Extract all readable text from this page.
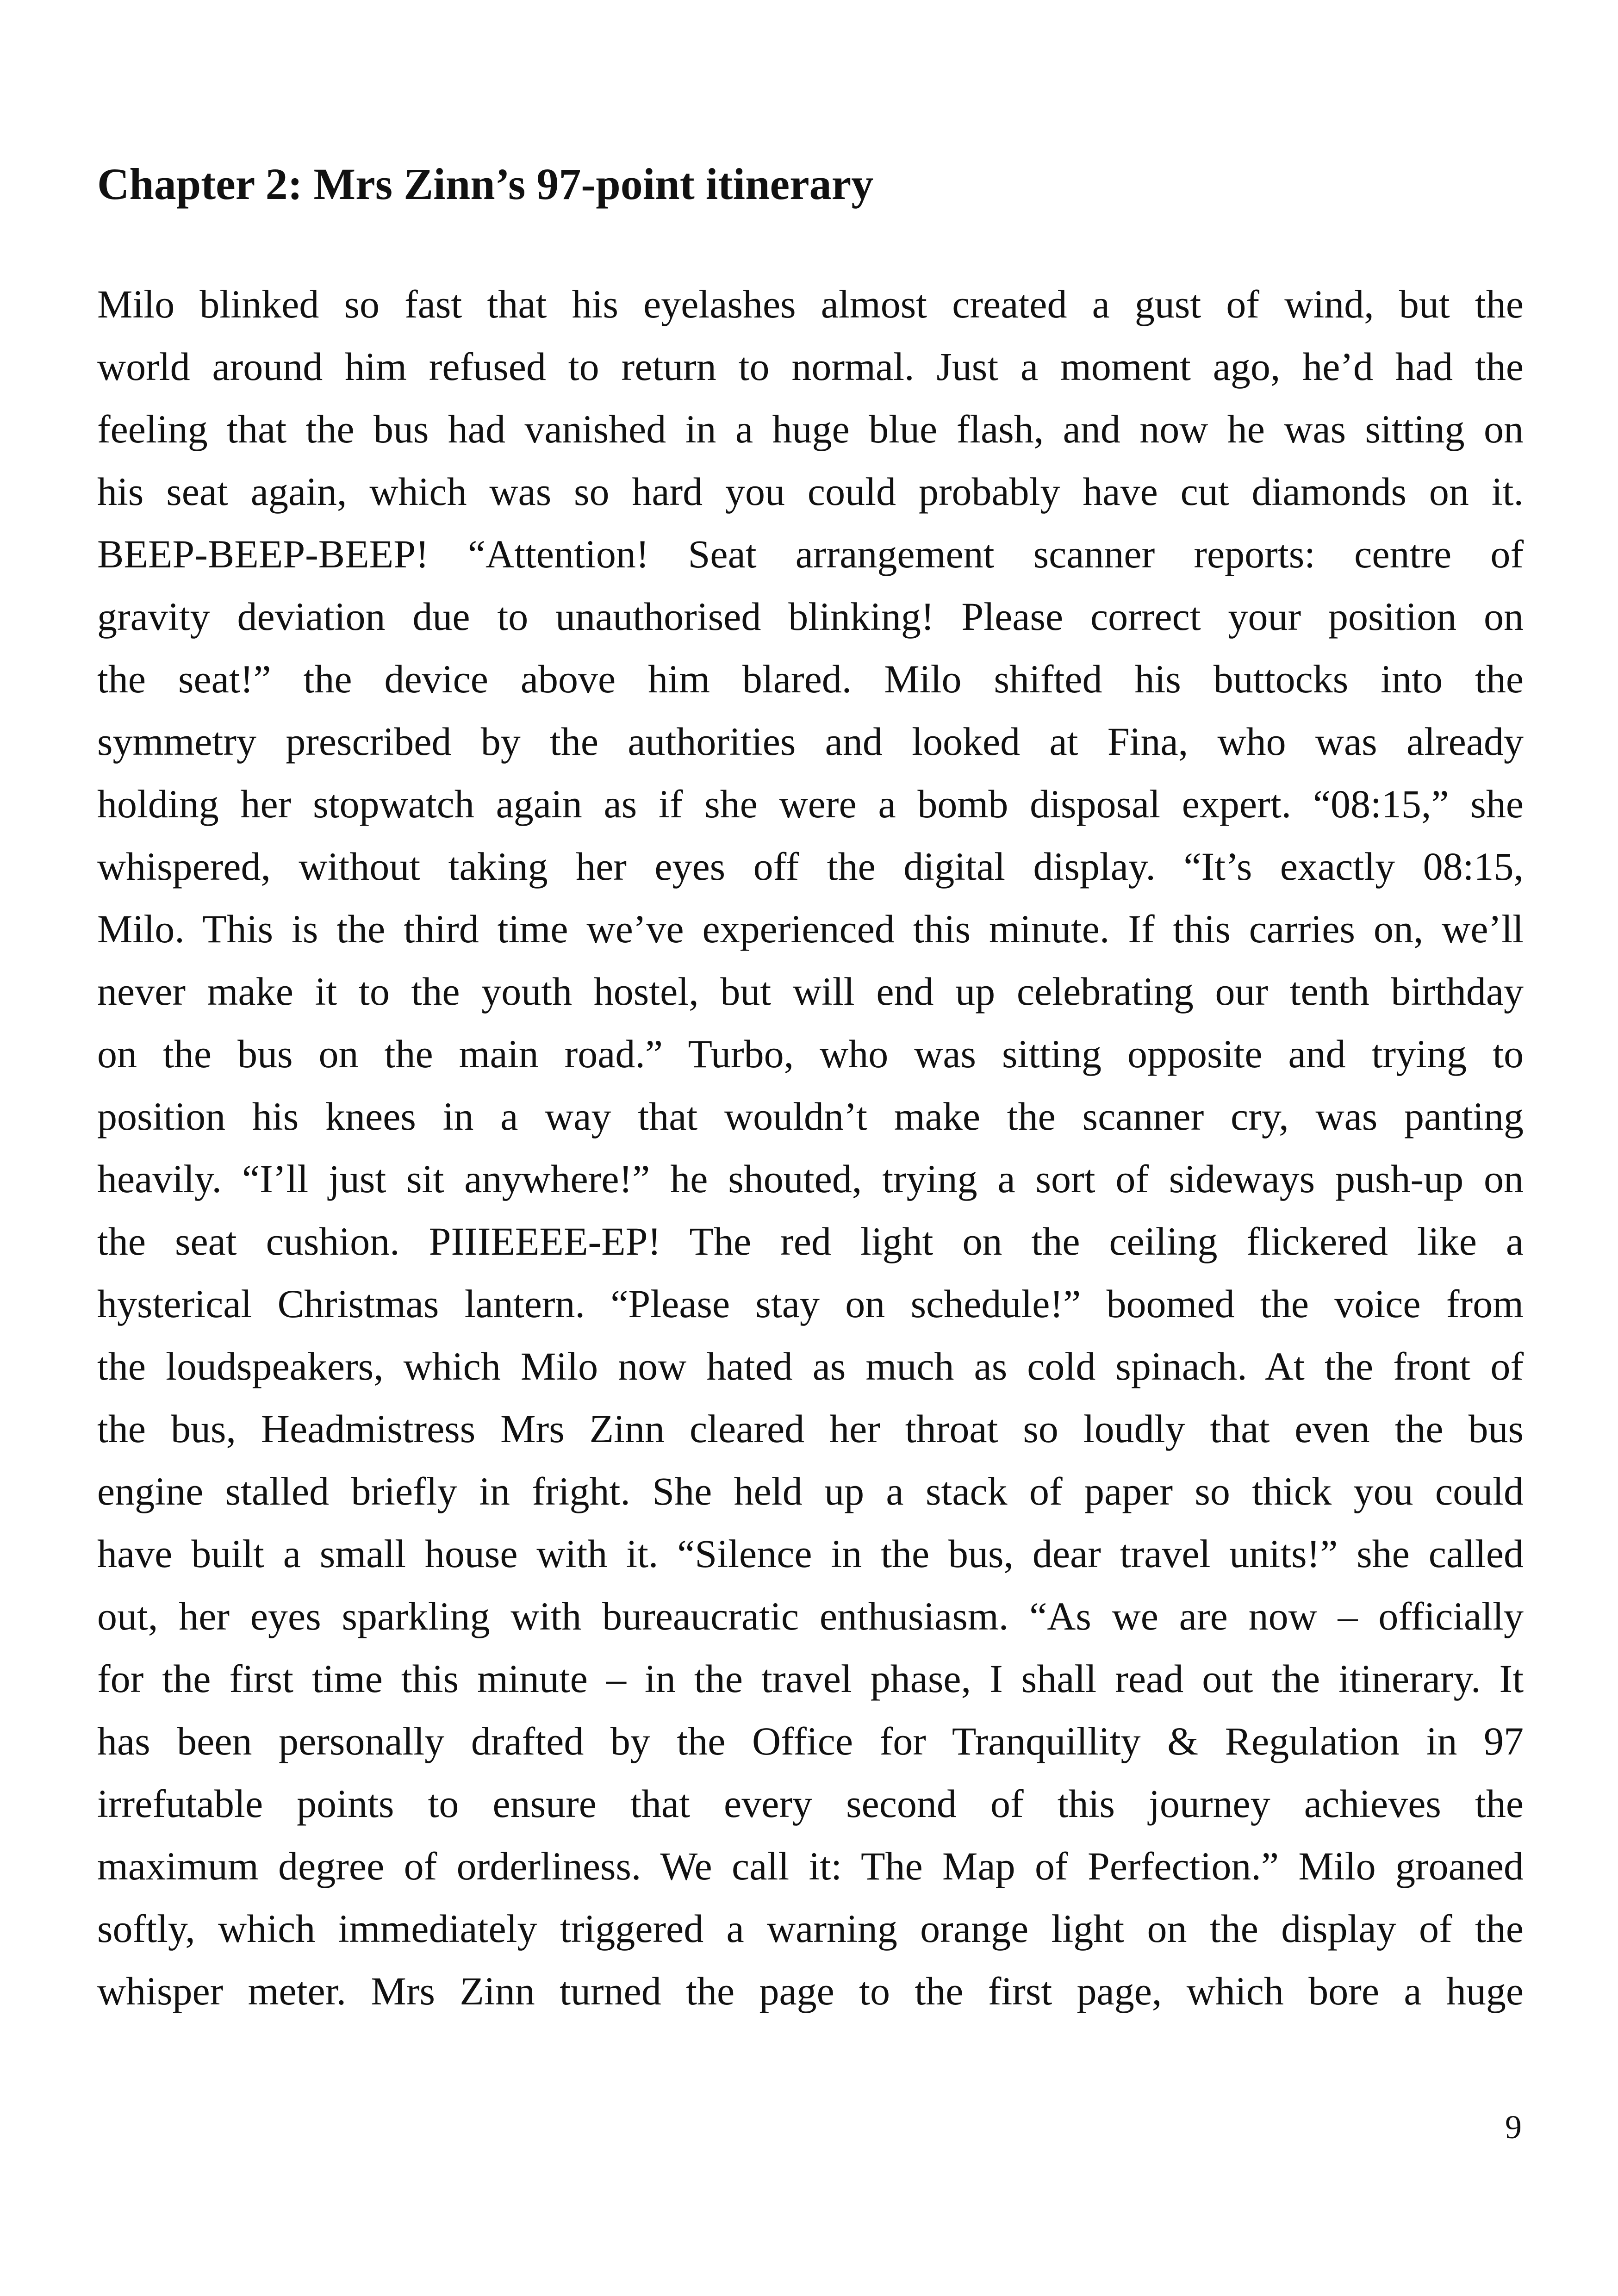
Chapter 2: Mrs Zinn’s 97-point itinerary
Milo blinked so fast that his eyelashes almost created a gust of wind, but the
world around him refused to return to normal. Just a moment ago, he’d had the
feeling that the bus had vanished in a huge blue flash, and now he was sitting on
his seat again, which was so hard you could probably have cut diamonds on it.
BEEP-BEEP-BEEP! “Attention! Seat arrangement scanner reports: centre of
gravity deviation due to unauthorised blinking! Please correct your position on
the seat!” the device above him blared. Milo shifted his buttocks into the
symmetry prescribed by the authorities and looked at Fina, who was already
holding her stopwatch again as if she were a bomb disposal expert. “08:15,” she
whispered, without taking her eyes off the digital display. “It’s exactly 08:15,
Milo. This is the third time we’ve experienced this minute. If this carries on, we’ll
never make it to the youth hostel, but will end up celebrating our tenth birthday
on the bus on the main road.” Turbo, who was sitting opposite and trying to
position his knees in a way that wouldn’t make the scanner cry, was panting
heavily. “I’ll just sit anywhere!” he shouted, trying a sort of sideways push-up on
the seat cushion. PIIIEEEE-EP! The red light on the ceiling flickered like a
hysterical Christmas lantern. “Please stay on schedule!” boomed the voice from
the loudspeakers, which Milo now hated as much as cold spinach. At the front of
the bus, Headmistress Mrs Zinn cleared her throat so loudly that even the bus
engine stalled briefly in fright. She held up a stack of paper so thick you could
have built a small house with it. “Silence in the bus, dear travel units!” she called
out, her eyes sparkling with bureaucratic enthusiasm. “As we are now – officially
for the first time this minute – in the travel phase, I shall read out the itinerary. It
has been personally drafted by the Office for Tranquillity & Regulation in 97
irrefutable points to ensure that every second of this journey achieves the
maximum degree of orderliness. We call it: The Map of Perfection.” Milo groaned
softly, which immediately triggered a warning orange light on the display of the
whisper meter. Mrs Zinn turned the page to the first page, which bore a huge

9
